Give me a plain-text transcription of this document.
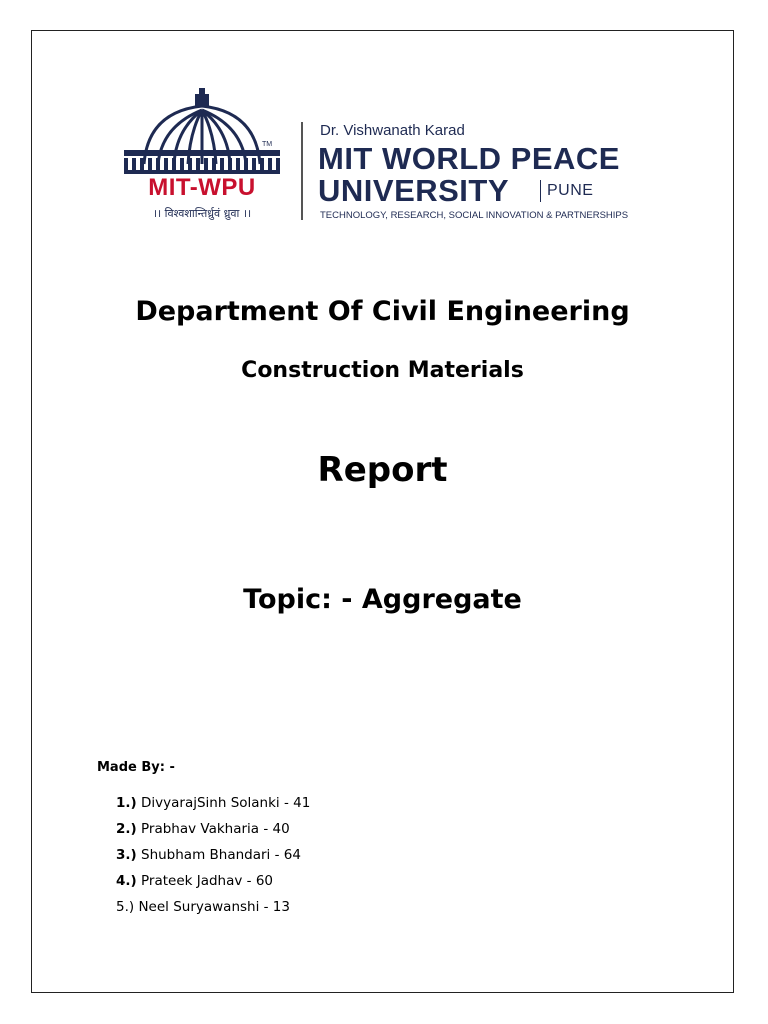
TM
MIT-WPU
।। विश्वशान्तिर्ध्रुवं ध्रुवा ।।
Dr. Vishwanath Karad
MIT WORLD PEACE
UNIVERSITY PUNE
TECHNOLOGY, RESEARCH, SOCIAL INNOVATION & PARTNERSHIPS
Department Of Civil Engineering
Construction Materials
Report
Topic: - Aggregate
Made By: -
1.) DivyarajSinh Solanki - 41
2.) Prabhav Vakharia - 40
3.) Shubham Bhandari - 64
4.) Prateek Jadhav - 60
5.) Neel Suryawanshi - 13
